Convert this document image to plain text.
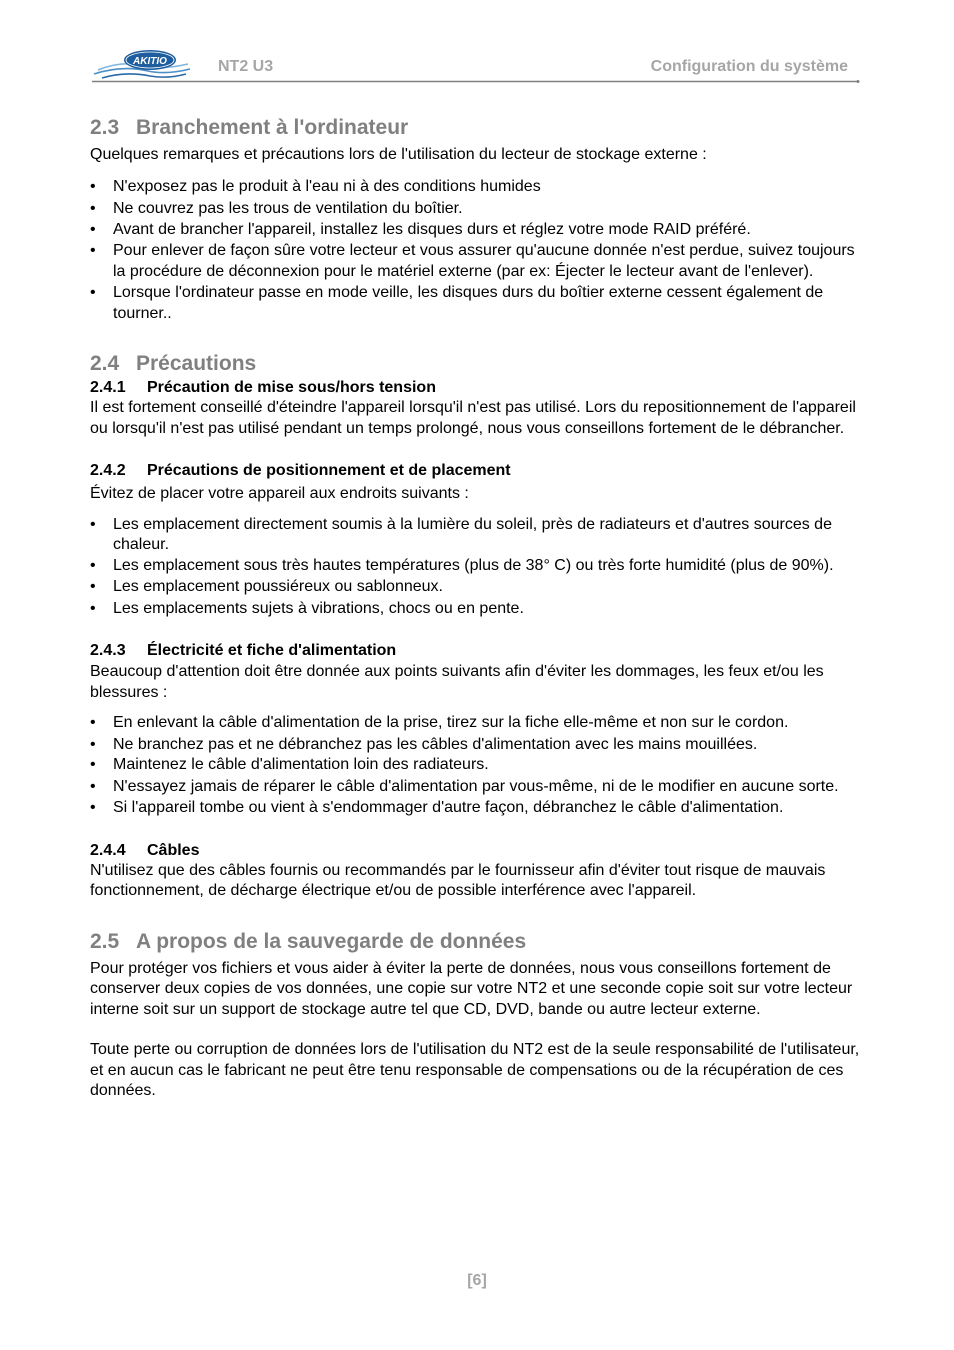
AKITIO	NT2 U3	Configuration du système
2.3 Branchement à l'ordinateur

Quelques remarques et précautions lors de l'utilisation du lecteur de stockage externe :

• N'exposez pas le produit à l'eau ni à des conditions humides
• Ne couvrez pas les trous de ventilation du boîtier.
• Avant de brancher l'appareil, installez les disques durs et réglez votre mode RAID préféré.
• Pour enlever de façon sûre votre lecteur et vous assurer qu'aucune donnée n'est perdue, suivez toujours la procédure de déconnexion pour le matériel externe (par ex: Éjecter le lecteur avant de l'enlever).
• Lorsque l'ordinateur passe en mode veille, les disques durs du boîtier externe cessent également de tourner..
2.4 Précautions
2.4.1 Précaution de mise sous/hors tension

Il est fortement conseillé d'éteindre l'appareil lorsqu'il n'est pas utilisé. Lors du repositionnement de l'appareil ou lorsqu'il n'est pas utilisé pendant un temps prolongé, nous vous conseillons fortement de le débrancher.

2.4.2 Précautions de positionnement et de placement

Évitez de placer votre appareil aux endroits suivants :

• Les emplacement directement soumis à la lumière du soleil, près de radiateurs et d'autres sources de chaleur.
• Les emplacement sous très hautes températures (plus de 38° C) ou très forte humidité (plus de 90%).
• Les emplacement poussiéreux ou sablonneux.
• Les emplacements sujets à vibrations, chocs ou en pente.
2.4.3 Électricité et fiche d'alimentation

Beaucoup d'attention doit être donnée aux points suivants afin d'éviter les dommages, les feux et/ou les blessures :

• En enlevant la câble d'alimentation de la prise, tirez sur la fiche elle-même et non sur le cordon.
• Ne branchez pas et ne débranchez pas les câbles d'alimentation avec les mains mouillées.
• Maintenez le câble d'alimentation loin des radiateurs.
• N'essayez jamais de réparer le câble d'alimentation par vous-même, ni de le modifier en aucune sorte.
• Si l'appareil tombe ou vient à s'endommager d'autre façon, débranchez le câble d'alimentation.
2.4.4 Câbles

N'utilisez que des câbles fournis ou recommandés par le fournisseur afin d'éviter tout risque de mauvais fonctionnement, de décharge électrique et/ou de possible interférence avec l'appareil.

2.5 A propos de la sauvegarde de données

Pour protéger vos fichiers et vous aider à éviter la perte de données, nous vous conseillons fortement de conserver deux copies de vos données, une copie sur votre NT2 et une seconde copie soit sur votre lecteur interne soit sur un support de stockage autre tel que CD, DVD, bande ou autre lecteur externe.

Toute perte ou corruption de données lors de l'utilisation du NT2 est de la seule responsabilité de l'utilisateur, et en aucun cas le fabricant ne peut être tenu responsable de compensations ou de la récupération de ces données.

[6]
